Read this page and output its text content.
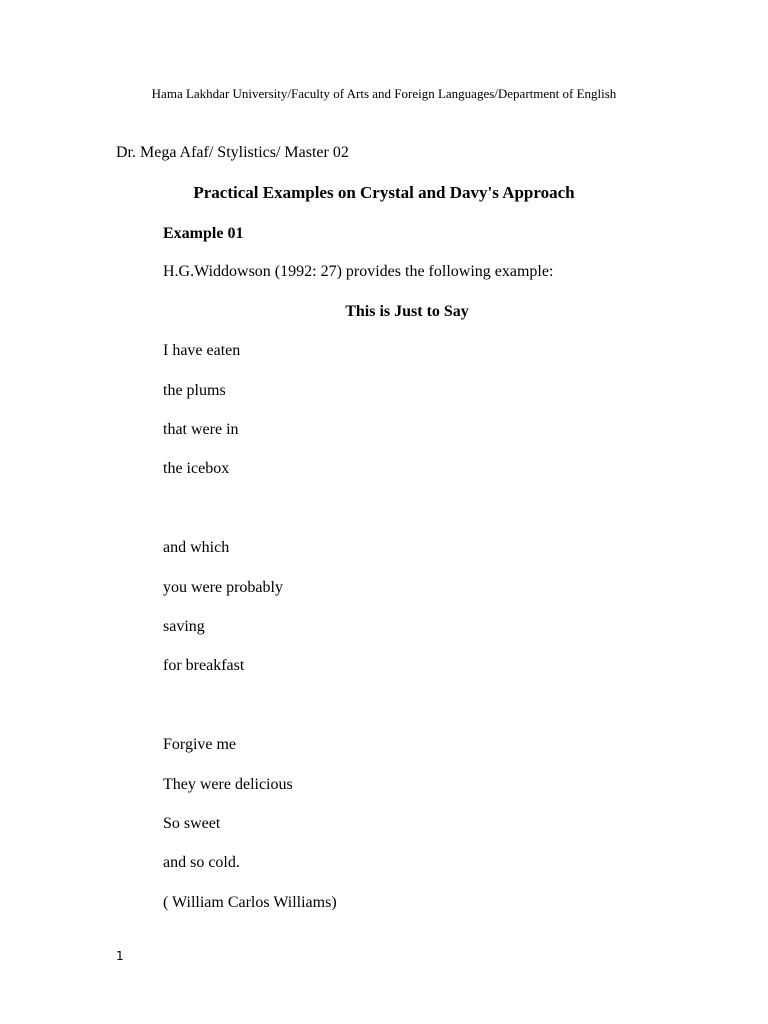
Hama Lakhdar University/Faculty of Arts and Foreign Languages/Department of English
Dr. Mega Afaf/ Stylistics/ Master 02
Practical Examples on Crystal and Davy's Approach
Example 01
H.G.Widdowson (1992: 27) provides the following example:
This is Just to Say
I have eaten
the plums
that were in
the icebox
and which
you were probably
saving
for breakfast
Forgive me
They were delicious
So sweet
and so cold.
( William Carlos Williams)
1
